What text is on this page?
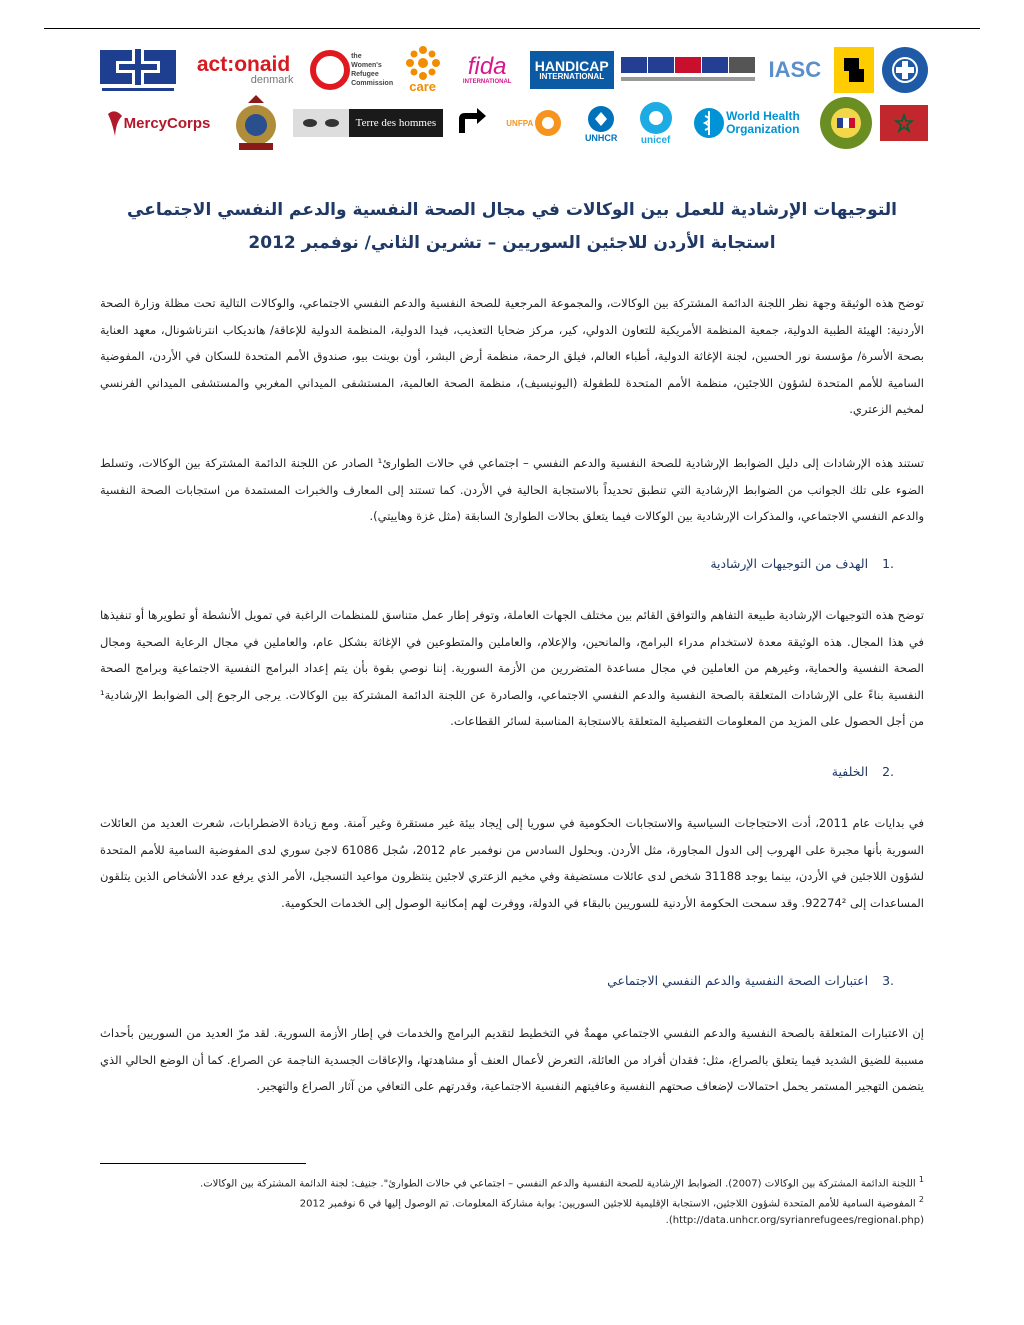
act:onaid
denmark
the Women's Refugee Commission care
fida
INTERNATIONAL
HANDICAP
INTERNATIONAL	IASC
MercyCorps	Terre des hommes	UNFPA
UNHCR unicef
World Health Organization
التوجيهات الإرشادية للعمل بين الوكالات في مجال الصحة النفسية والدعم النفسي الاجتماعي
استجابة الأردن للاجئين السوريين – تشرين الثاني/ نوفمبر 2012
توضح هذه الوثيقة وجهة نظر اللجنة الدائمة المشتركة بين الوكالات، والمجموعة المرجعية للصحة النفسية والدعم النفسي الاجتماعي، والوكالات التالية تحت مظلة وزارة الصحة الأردنية: الهيئة الطبية الدولية، جمعية المنظمة الأمريكية للتعاون الدولي، كير، مركز ضحايا التعذيب، فيدا الدولية، المنظمة الدولية للإعاقة/ هانديكاب انترناشونال، معهد العناية بصحة الأسرة/ مؤسسة نور الحسين، لجنة الإغاثة الدولية، أطباء العالم، فيلق الرحمة، منظمة أرض البشر، أون بوينت بيو، صندوق الأمم المتحدة للسكان في الأردن، المفوضية السامية للأمم المتحدة لشؤون اللاجئين، منظمة الأمم المتحدة للطفولة (اليونيسيف)، منظمة الصحة العالمية، المستشفى الميداني المغربي والمستشفى الميداني الفرنسي لمخيم الزعتري.
تستند هذه الإرشادات إلى دليل الضوابط الإرشادية للصحة النفسية والدعم النفسي – اجتماعي في حالات الطوارئ¹ الصادر عن اللجنة الدائمة المشتركة بين الوكالات، وتسلط الضوء على تلك الجوانب من الضوابط الإرشادية التي تنطبق تحديداً بالاستجابة الحالية في الأردن. كما تستند إلى المعارف والخبرات المستمدة من استجابات الصحة النفسية والدعم النفسي الاجتماعي، والمذكرات الإرشادية بين الوكالات فيما يتعلق بحالات الطوارئ السابقة (مثل غزة وهاييتي).
.1الهدف من التوجيهات الإرشادية
توضح هذه التوجيهات الإرشادية طبيعة التفاهم والتوافق القائم بين مختلف الجهات العاملة، وتوفر إطار عمل متناسق للمنظمات الراغبة في تمويل الأنشطة أو تطويرها أو تنفيذها في هذا المجال. هذه الوثيقة معدة لاستخدام مدراء البرامج، والمانحين، والإعلام، والعاملين والمتطوعين في الإغاثة بشكل عام، والعاملين في مجال الرعاية الصحية ومجال الصحة النفسية والحماية، وغيرهم من العاملين في مجال مساعدة المتضررين من الأزمة السورية. إننا نوصي بقوة بأن يتم إعداد البرامج النفسية الاجتماعية وبرامج الصحة النفسية بناءً على الإرشادات المتعلقة بالصحة النفسية والدعم النفسي الاجتماعي، والصادرة عن اللجنة الدائمة المشتركة بين الوكالات. يرجى الرجوع إلى الضوابط الإرشادية¹ من أجل الحصول على المزيد من المعلومات التفصيلية المتعلقة بالاستجابة المناسبة لسائر القطاعات.
.2الخلفية
في بدايات عام 2011، أدت الاحتجاجات السياسية والاستجابات الحكومية في سوريا إلى إيجاد بيئة غير مستقرة وغير آمنة. ومع زيادة الاضطرابات، شعرت العديد من العائلات السورية بأنها مجبرة على الهروب إلى الدول المجاورة، مثل الأردن. وبحلول السادس من نوفمبر عام 2012، سُجل 61086 لاجئ سوري لدى المفوضية السامية للأمم المتحدة لشؤون اللاجئين في الأردن، بينما يوجد 31188 شخص لدى عائلات مستضيفة وفي مخيم الزعتري لاجئين ينتظرون مواعيد التسجيل، الأمر الذي يرفع عدد الأشخاص الذين يتلقون المساعدات إلى 92274². وقد سمحت الحكومة الأردنية للسوريين بالبقاء في الدولة، ووفرت لهم إمكانية الوصول إلى الخدمات الحكومية.
.3اعتبارات الصحة النفسية والدعم النفسي الاجتماعي
إن الاعتبارات المتعلقة بالصحة النفسية والدعم النفسي الاجتماعي مهمةٌ في التخطيط لتقديم البرامج والخدمات في إطار الأزمة السورية. لقد مرّ العديد من السوريين بأحداث مسببة للضيق الشديد فيما يتعلق بالصراع، مثل: فقدان أفراد من العائلة، التعرض لأعمال العنف أو مشاهدتها، والإعاقات الجسدية الناجمة عن الصراع. كما أن الوضع الحالي الذي يتضمن التهجير المستمر يحمل احتمالات لإضعاف صحتهم النفسية وعافيتهم النفسية الاجتماعية، وقدرتهم على التعافي من آثار الصراع والتهجير.
$^1$ اللجنة الدائمة المشتركة بين الوكالات (2007). الضوابط الإرشادية للصحة النفسية والدعم النفسي – اجتماعي في حالات الطوارئ". جنيف: لجنة الدائمة المشتركة بين الوكالات.
$^2$ المفوضية السامية للأمم المتحدة لشؤون اللاجئين، الاستجابة الإقليمية للاجئين السوريين: بوابة مشاركة المعلومات. تم الوصول إليها في 6 نوفمبر 2012
(http://data.unhcr.org/syrianrefugees/regional.php).
